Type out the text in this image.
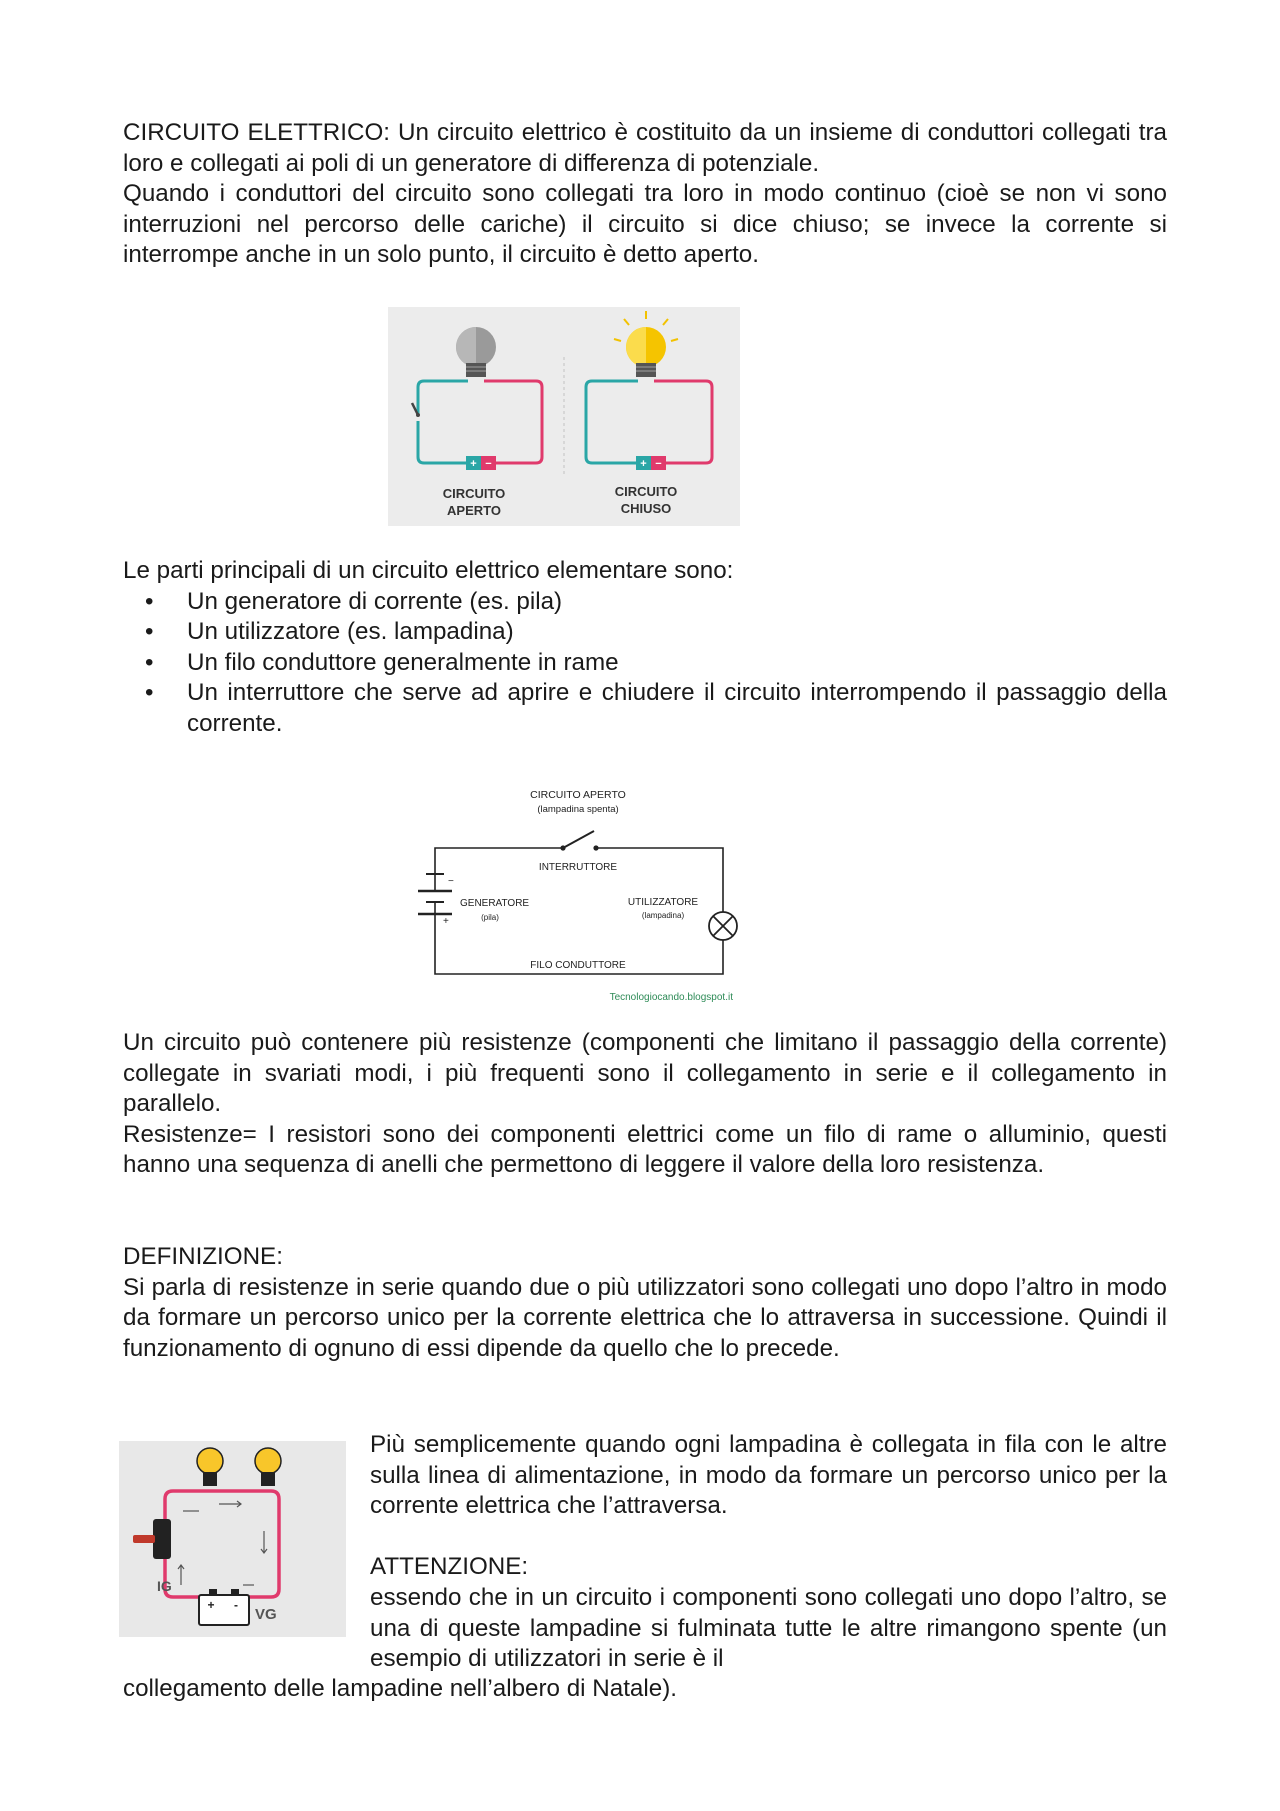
CIRCUITO ELETTRICO: Un circuito elettrico è costituito da un insieme di conduttori collegati tra loro e collegati ai poli di un generatore di differenza di potenziale.

Quando i conduttori del circuito sono collegati tra loro in modo continuo (cioè se non vi sono interruzioni nel percorso delle cariche) il circuito si dice chiuso; se invece la corrente si interrompe anche in un solo punto, il circuito è detto aperto.

+ −
CIRCUITO
APERTO
+ −
CIRCUITO
CHIUSO

Le parti principali di un circuito elettrico elementare sono:

• Un generatore di corrente (es. pila)
• Un utilizzatore (es. lampadina)
• Un filo conduttore generalmente in rame
• Un interruttore che serve ad aprire e chiudere il circuito interrompendo il passaggio della corrente.
CIRCUITO APERTO
(lampadina spenta)
INTERRUTTORE
−
+
GENERATORE
(pila)
UTILIZZATORE
(lampadina)
FILO CONDUTTORE
Tecnologiocando.blogspot.it

Un circuito può contenere più resistenze (componenti che limitano il passaggio della corrente) collegate in svariati modi, i più frequenti sono il collegamento in serie e il collegamento in parallelo.

Resistenze= I resistori sono dei componenti elettrici come un filo di rame o alluminio, questi hanno una sequenza di anelli che permettono di leggere il valore della loro resistenza.

DEFINIZIONE:

Si parla di resistenze in serie quando due o più utilizzatori sono collegati uno dopo l’altro in modo da formare un percorso unico per la corrente elettrica che lo attraversa in successione. Quindi il funzionamento di ognuno di essi dipende da quello che lo precede.

+ -
IG
VG

Più semplicemente quando ogni lampadina è collegata in fila con le altre sulla linea di alimentazione, in modo da formare un percorso unico per la corrente elettrica che l’attraversa.

ATTENZIONE:

essendo che in un circuito i componenti sono collegati uno dopo l’altro, se una di queste lampadine si fulminata tutte le altre rimangono spente (un esempio di utilizzatori in serie è il

collegamento delle lampadine nell’albero di Natale).
